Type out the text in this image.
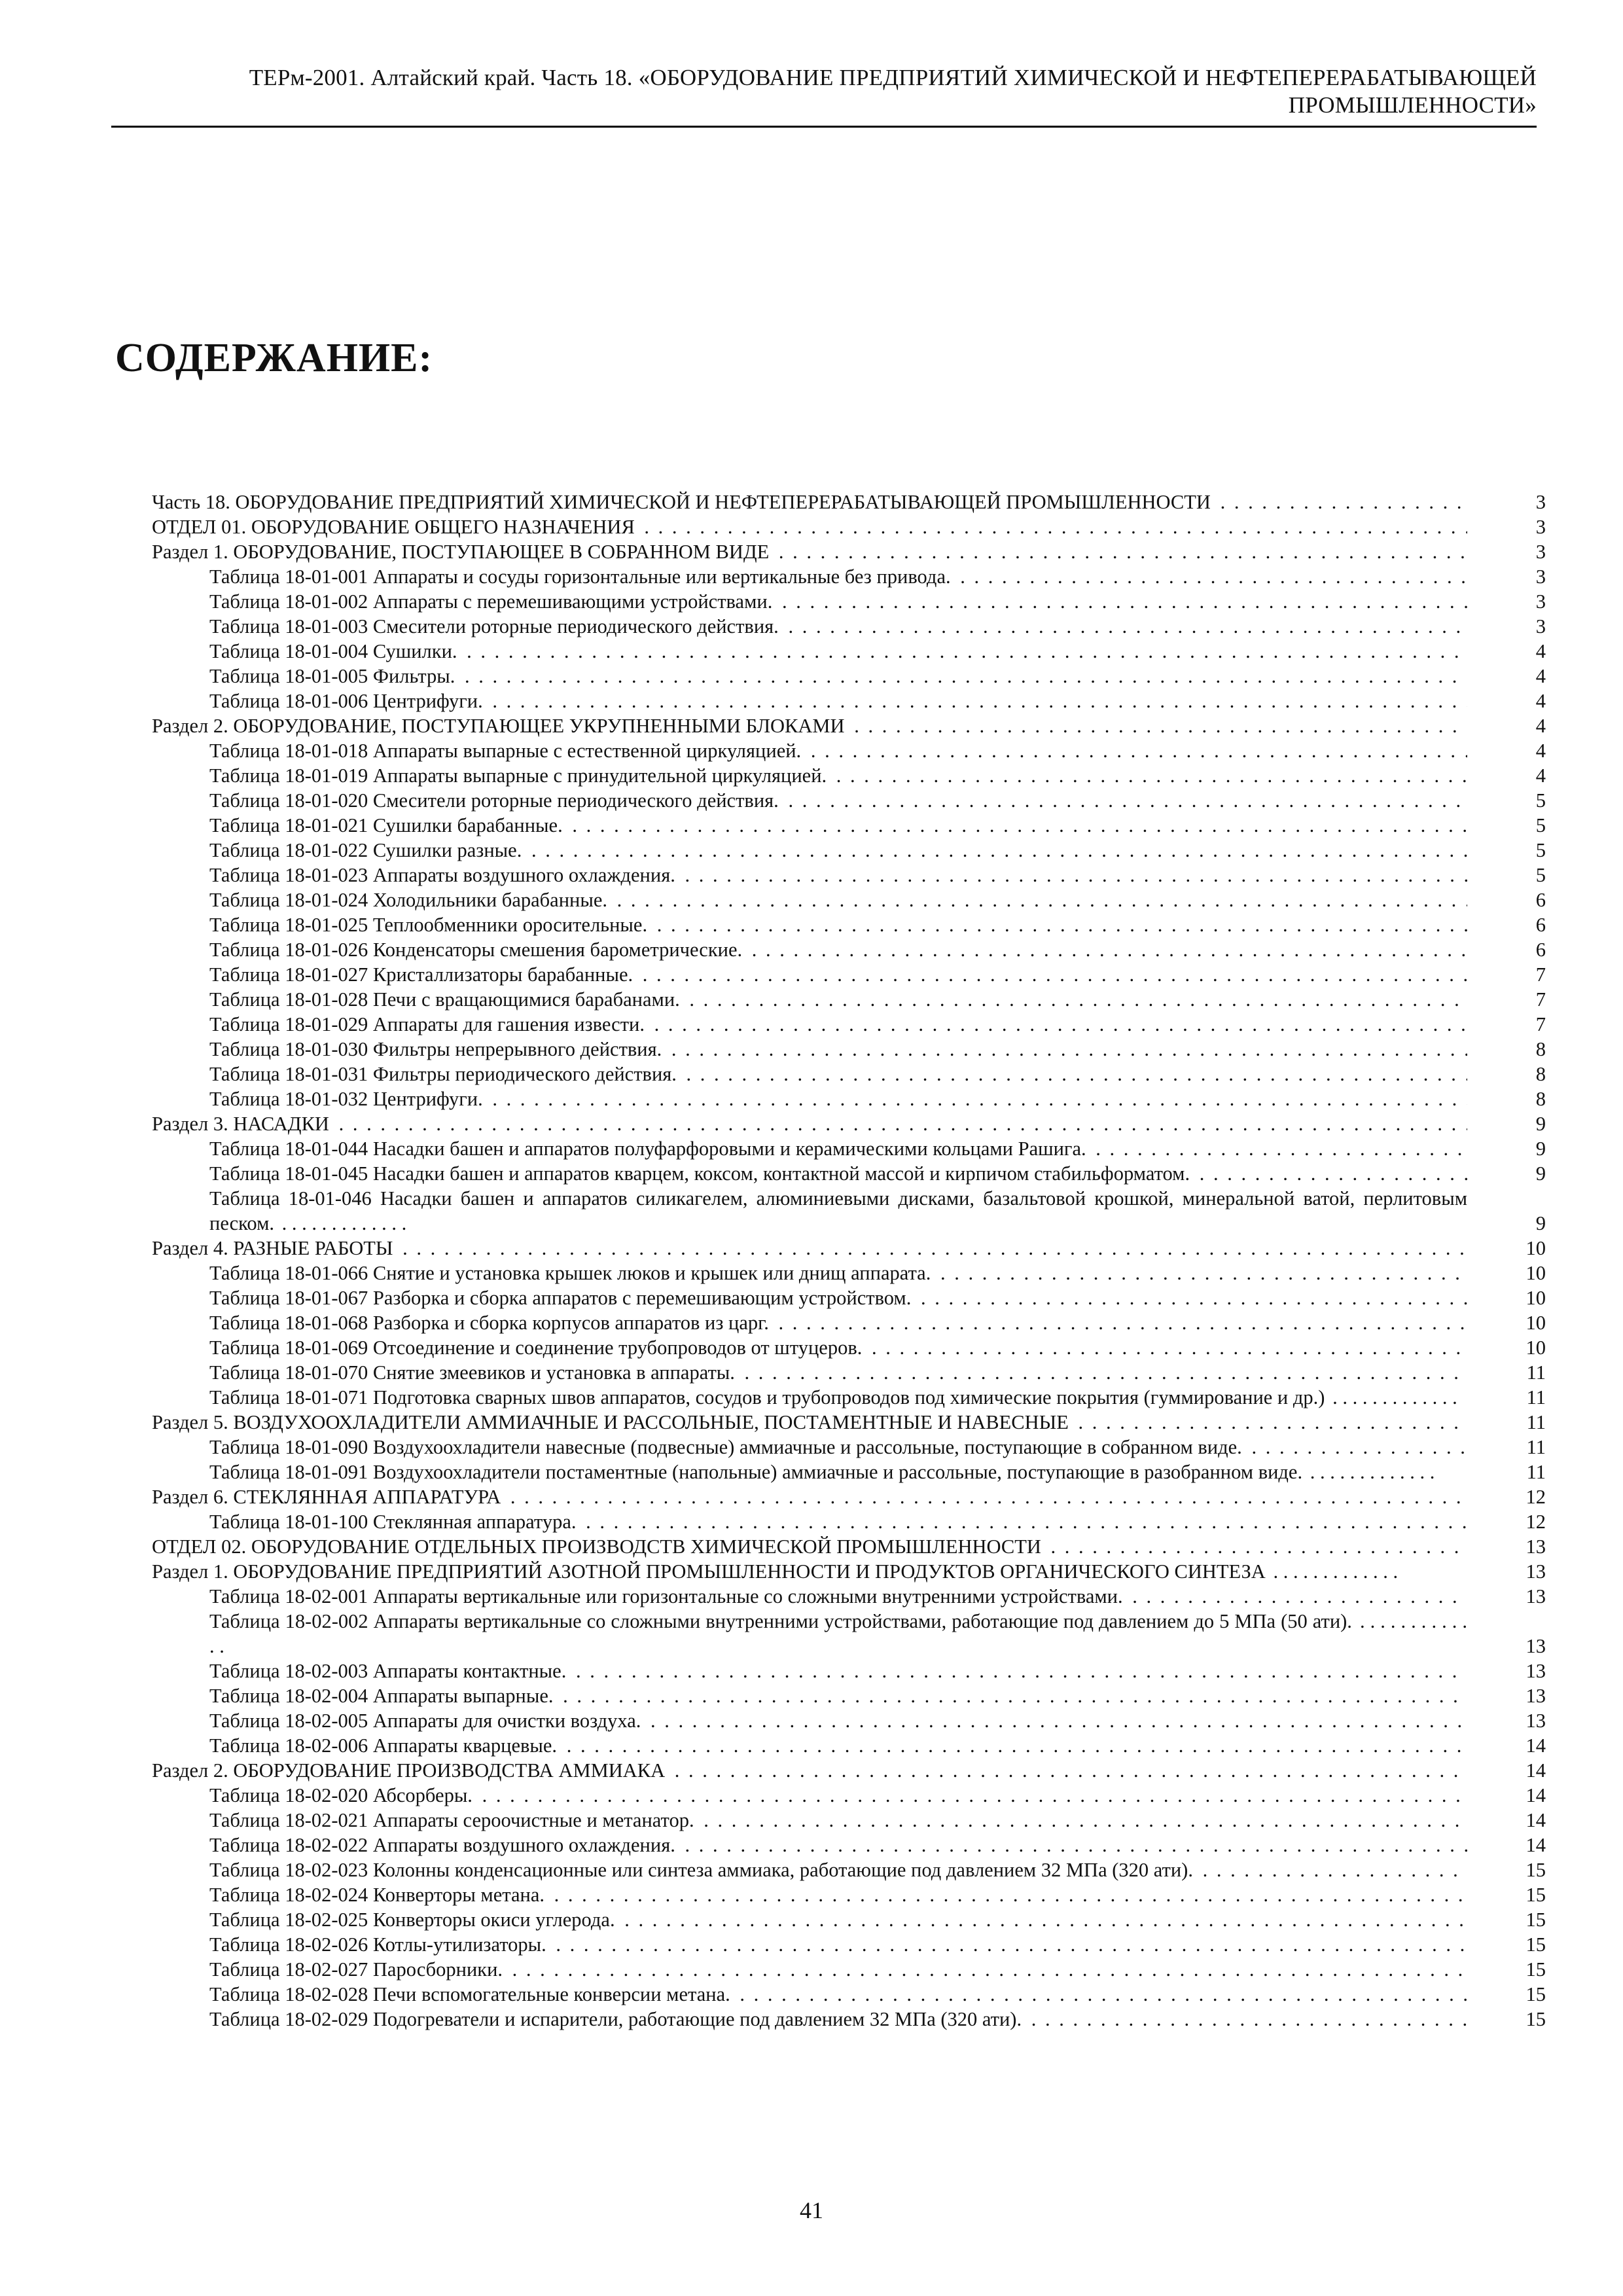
ТЕРм-2001. Алтайский край. Часть 18. «ОБОРУДОВАНИЕ ПРЕДПРИЯТИЙ ХИМИЧЕСКОЙ И НЕФТЕПЕРЕРАБАТЫВАЮЩЕЙ
ПРОМЫШЛЕННОСТИ»
СОДЕРЖАНИЕ:
Часть 18. ОБОРУДОВАНИЕ ПРЕДПРИЯТИЙ ХИМИЧЕСКОЙ И НЕФТЕПЕРЕРАБАТЫВАЮЩЕЙ ПРОМЫШЛЕННОСТИ . . .	3
ОТДЕЛ 01. ОБОРУДОВАНИЕ ОБЩЕГО НАЗНАЧЕНИЯ . . .	3
Раздел 1. ОБОРУДОВАНИЕ, ПОСТУПАЮЩЕЕ В СОБРАННОМ ВИДЕ . . .	3
Таблица 18-01-001 Аппараты и сосуды горизонтальные или вертикальные без привода. . . .	3
Таблица 18-01-002 Аппараты с перемешивающими устройствами. . . .	3
Таблица 18-01-003 Смесители роторные периодического действия. . . .	3
Таблица 18-01-004 Сушилки. . . .	4
Таблица 18-01-005 Фильтры. . . .	4
Таблица 18-01-006 Центрифуги. . . .	4
Раздел 2. ОБОРУДОВАНИЕ, ПОСТУПАЮЩЕЕ УКРУПНЕННЫМИ БЛОКАМИ . . .	4
Таблица 18-01-018 Аппараты выпарные с естественной циркуляцией. . . .	4
Таблица 18-01-019 Аппараты выпарные с принудительной циркуляцией. . . .	4
Таблица 18-01-020 Смесители роторные периодического действия. . . .	5
Таблица 18-01-021 Сушилки барабанные. . . .	5
Таблица 18-01-022 Сушилки разные. . . .	5
Таблица 18-01-023 Аппараты воздушного охлаждения. . . .	5
Таблица 18-01-024 Холодильники барабанные. . . .	6
Таблица 18-01-025 Теплообменники оросительные. . . .	6
Таблица 18-01-026 Конденсаторы смешения барометрические. . . .	6
Таблица 18-01-027 Кристаллизаторы барабанные. . . .	7
Таблица 18-01-028 Печи с вращающимися барабанами. . . .	7
Таблица 18-01-029 Аппараты для гашения извести. . . .	7
Таблица 18-01-030 Фильтры непрерывного действия. . . .	8
Таблица 18-01-031 Фильтры периодического действия. . . .	8
Таблица 18-01-032 Центрифуги. . . .	8
Раздел 3. НАСАДКИ . . .	9
Таблица 18-01-044 Насадки башен и аппаратов полуфарфоровыми и керамическими кольцами Рашига. . . .	9
Таблица 18-01-045 Насадки башен и аппаратов кварцем, коксом, контактной массой и кирпичом стабильформатом. . . .	9
Таблица 18-01-046 Насадки башен и аппаратов силикагелем, алюминиевыми дисками, базальтовой крошкой, минеральной ватой, перлитовым песком. . . . . . . . . . . . . .	9
Раздел 4. РАЗНЫЕ РАБОТЫ . . .	10
Таблица 18-01-066 Снятие и установка крышек люков и крышек или днищ аппарата. . . .	10
Таблица 18-01-067 Разборка и сборка аппаратов с перемешивающим устройством. . . .	10
Таблица 18-01-068 Разборка и сборка корпусов аппаратов из царг. . . .	10
Таблица 18-01-069 Отсоединение и соединение трубопроводов от штуцеров. . . .	10
Таблица 18-01-070 Снятие змеевиков и установка в аппараты. . . .	11
Таблица 18-01-071 Подготовка сварных швов аппаратов, сосудов и трубопроводов под химические покрытия (гуммирование и др.) . . . . . . . . . . . . .	11
Раздел 5. ВОЗДУХООХЛАДИТЕЛИ АММИАЧНЫЕ И РАССОЛЬНЫЕ, ПОСТАМЕНТНЫЕ И НАВЕСНЫЕ . . .	11
Таблица 18-01-090 Воздухоохладители навесные (подвесные) аммиачные и рассольные, поступающие в собранном виде. . . .	11
Таблица 18-01-091 Воздухоохладители постаментные (напольные) аммиачные и рассольные, поступающие в разобранном виде. . . . . . . . . . . . . .	11
Раздел 6. СТЕКЛЯННАЯ АППАРАТУРА . . .	12
Таблица 18-01-100 Стеклянная аппаратура. . . .	12
ОТДЕЛ 02. ОБОРУДОВАНИЕ ОТДЕЛЬНЫХ ПРОИЗВОДСТВ ХИМИЧЕСКОЙ ПРОМЫШЛЕННОСТИ . . .	13
Раздел 1. ОБОРУДОВАНИЕ ПРЕДПРИЯТИЙ АЗОТНОЙ ПРОМЫШЛЕННОСТИ И ПРОДУКТОВ ОРГАНИЧЕСКОГО СИНТЕЗА . . . . . . . . . . . . .	13
Таблица 18-02-001 Аппараты вертикальные или горизонтальные со сложными внутренними устройствами. . . .	13
Таблица 18-02-002 Аппараты вертикальные со сложными внутренними устройствами, работающие под давлением до 5 МПа (50 ати). . . . . . . . . . . . . .	13
Таблица 18-02-003 Аппараты контактные. . . .	13
Таблица 18-02-004 Аппараты выпарные. . . .	13
Таблица 18-02-005 Аппараты для очистки воздуха. . . .	13
Таблица 18-02-006 Аппараты кварцевые. . . .	14
Раздел 2. ОБОРУДОВАНИЕ ПРОИЗВОДСТВА АММИАКА . . .	14
Таблица 18-02-020 Абсорберы. . . .	14
Таблица 18-02-021 Аппараты сероочистные и метанатор. . . .	14
Таблица 18-02-022 Аппараты воздушного охлаждения. . . .	14
Таблица 18-02-023 Колонны конденсационные или синтеза аммиака, работающие под давлением 32 МПа (320 ати). . . .	15
Таблица 18-02-024 Конверторы метана. . . .	15
Таблица 18-02-025 Конверторы окиси углерода. . . .	15
Таблица 18-02-026 Котлы-утилизаторы. . . .	15
Таблица 18-02-027 Паросборники. . . .	15
Таблица 18-02-028 Печи вспомогательные конверсии метана. . . .	15
Таблица 18-02-029 Подогреватели и испарители, работающие под давлением 32 МПа (320 ати). . . .	15
41
